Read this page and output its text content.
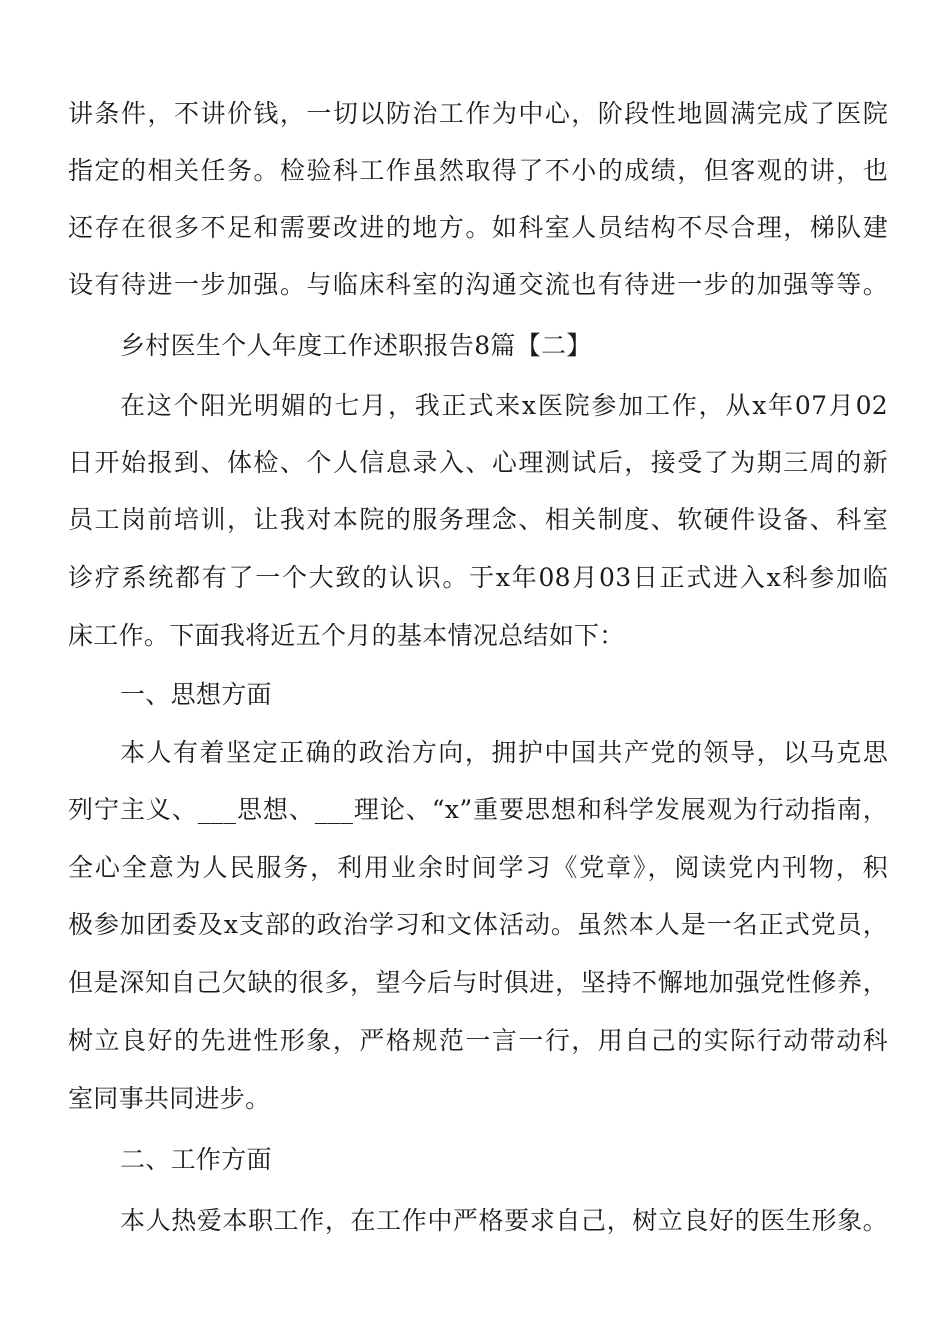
讲条件，不讲价钱，一切以防治工作为中心，阶段性地圆满完成了医院
指定的相关任务。检验科工作虽然取得了不小的成绩，但客观的讲，也
还存在很多不足和需要改进的地方。如科室人员结构不尽合理，梯队建
设有待进一步加强。与临床科室的沟通交流也有待进一步的加强等等。
乡村医生个人年度工作述职报告8篇【二】
在这个阳光明媚的七月，我正式来x医院参加工作，从x年07月02
日开始报到、体检、个人信息录入、心理测试后，接受了为期三周的新
员工岗前培训，让我对本院的服务理念、相关制度、软硬件设备、科室
诊疗系统都有了一个大致的认识。于x年08月03日正式进入x科参加临
床工作。下面我将近五个月的基本情况总结如下：
一、思想方面
本人有着坚定正确的政治方向，拥护中国共产党的领导，以马克思
列宁主义、___思想、___理论、“x”重要思想和科学发展观为行动指南，
全心全意为人民服务，利用业余时间学习《党章》，阅读党内刊物，积
极参加团委及x支部的政治学习和文体活动。虽然本人是一名正式党员，
但是深知自己欠缺的很多，望今后与时俱进，坚持不懈地加强党性修养，
树立良好的先进性形象，严格规范一言一行，用自己的实际行动带动科
室同事共同进步。
二、工作方面
本人热爱本职工作，在工作中严格要求自己，树立良好的医生形象。
